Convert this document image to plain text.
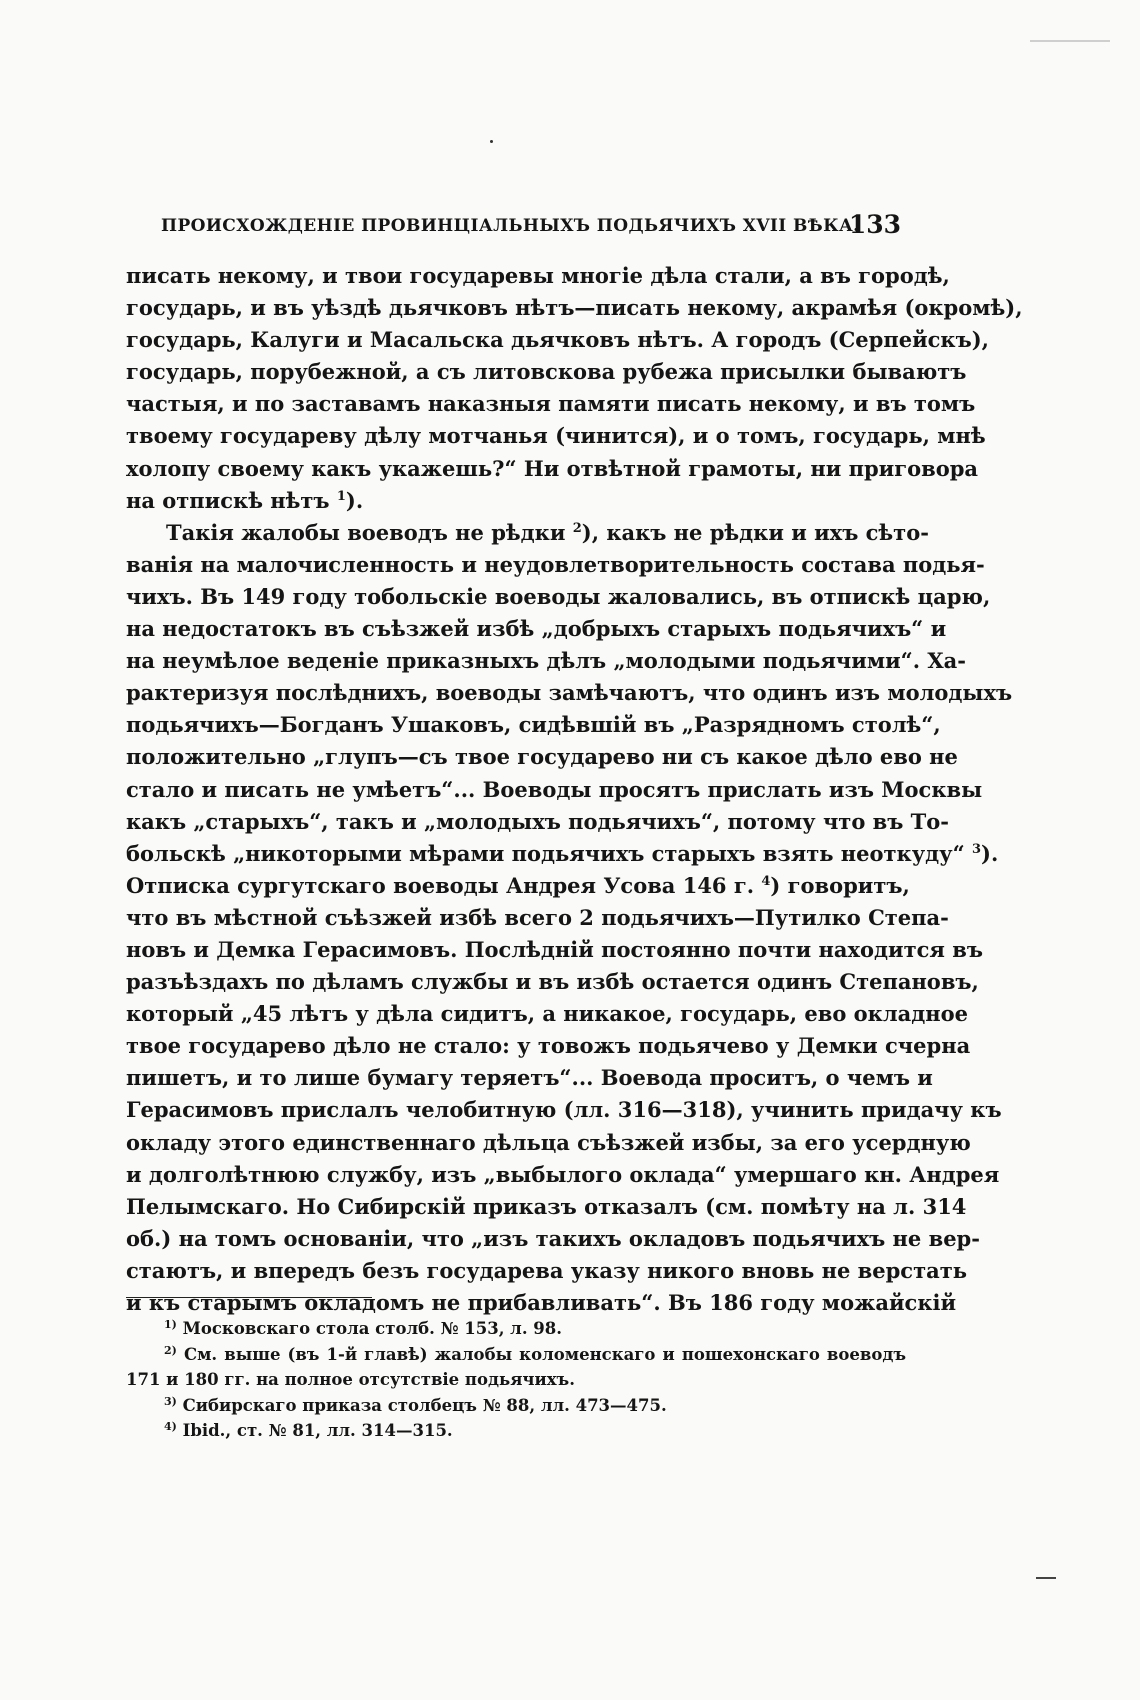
ПРОИСХОЖДЕНІЕ ПРОВИНЦІАЛЬНЫХЪ ПОДЬЯЧИХЪ XVII ВѢКА.
133
писать некому, и твои государевы многіе дѣла стали, а въ городѣ,
государь, и въ уѣздѣ дьячковъ нѣтъ—писать некому, акрамѣя (окромѣ),
государь, Калуги и Масальска дьячковъ нѣтъ. А городъ (Серпейскъ),
государь, порубежной, а съ литовскова рубежа присылки бываютъ
частыя, и по заставамъ наказныя памяти писать некому, и въ томъ
твоему государеву дѣлу мотчанья (чинится), и о томъ, государь, мнѣ
холопу своему какъ укажешь?“ Ни отвѣтной грамоты, ни приговора
на отпискѣ нѣтъ $^1$).
Такія жалобы воеводъ не рѣдки $^2$), какъ не рѣдки и ихъ сѣто-
ванія на малочисленность и неудовлетворительность состава подья-
чихъ. Въ 149 году тобольскіе воеводы жаловались, въ отпискѣ царю,
на недостатокъ въ съѣзжей избѣ „добрыхъ старыхъ подьячихъ“ и
на неумѣлое веденіе приказныхъ дѣлъ „молодыми подьячими“. Ха-
рактеризуя послѣднихъ, воеводы замѣчаютъ, что одинъ изъ молодыхъ
подьячихъ—Богданъ Ушаковъ, сидѣвшій въ „Разрядномъ столѣ“,
положительно „глупъ—съ твое государево ни съ какое дѣло ево не
стало и писать не умѣетъ“... Воеводы просятъ прислать изъ Москвы
какъ „старыхъ“, такъ и „молодыхъ подьячихъ“, потому что въ То-
больскѣ „никоторыми мѣрами подьячихъ старыхъ взять неоткуду“ $^3$).
Отписка сургутскаго воеводы Андрея Усова 146 г. $^4$) говоритъ,
что въ мѣстной съѣзжей избѣ всего 2 подьячихъ—Путилко Степа-
новъ и Демка Герасимовъ. Послѣдній постоянно почти находится въ
разъѣздахъ по дѣламъ службы и въ избѣ остается одинъ Степановъ,
который „45 лѣтъ у дѣла сидитъ, а никакое, государь, ево окладное
твое государево дѣло не стало: у товожъ подьячево у Демки счерна
пишетъ, и то лише бумагу теряетъ“... Воевода проситъ, о чемъ и
Герасимовъ прислалъ челобитную (лл. 316—318), учинить придачу къ
окладу этого единственнаго дѣльца съѣзжей избы, за его усердную
и долголѣтнюю службу, изъ „выбылого оклада“ умершаго кн. Андрея
Пелымскаго. Но Сибирскій приказъ отказалъ (см. помѣту на л. 314
об.) на томъ основаніи, что „изъ такихъ окладовъ подьячихъ не вер-
стаютъ, и впередъ безъ государева указу никого вновь не верстать
и къ старымъ окладомъ не прибавливать“. Въ 186 году можайскій
$^{1)}$ Московскаго стола столб. № 153, л. 98.
$^{2)}$ См. выше (въ 1-й главѣ) жалобы коломенскаго и пошехонскаго воеводъ
171 и 180 гг. на полное отсутствіе подьячихъ.
$^{3)}$ Сибирскаго приказа столбецъ № 88, лл. 473—475.
$^{4)}$ Ibid., ст. № 81, лл. 314—315.
